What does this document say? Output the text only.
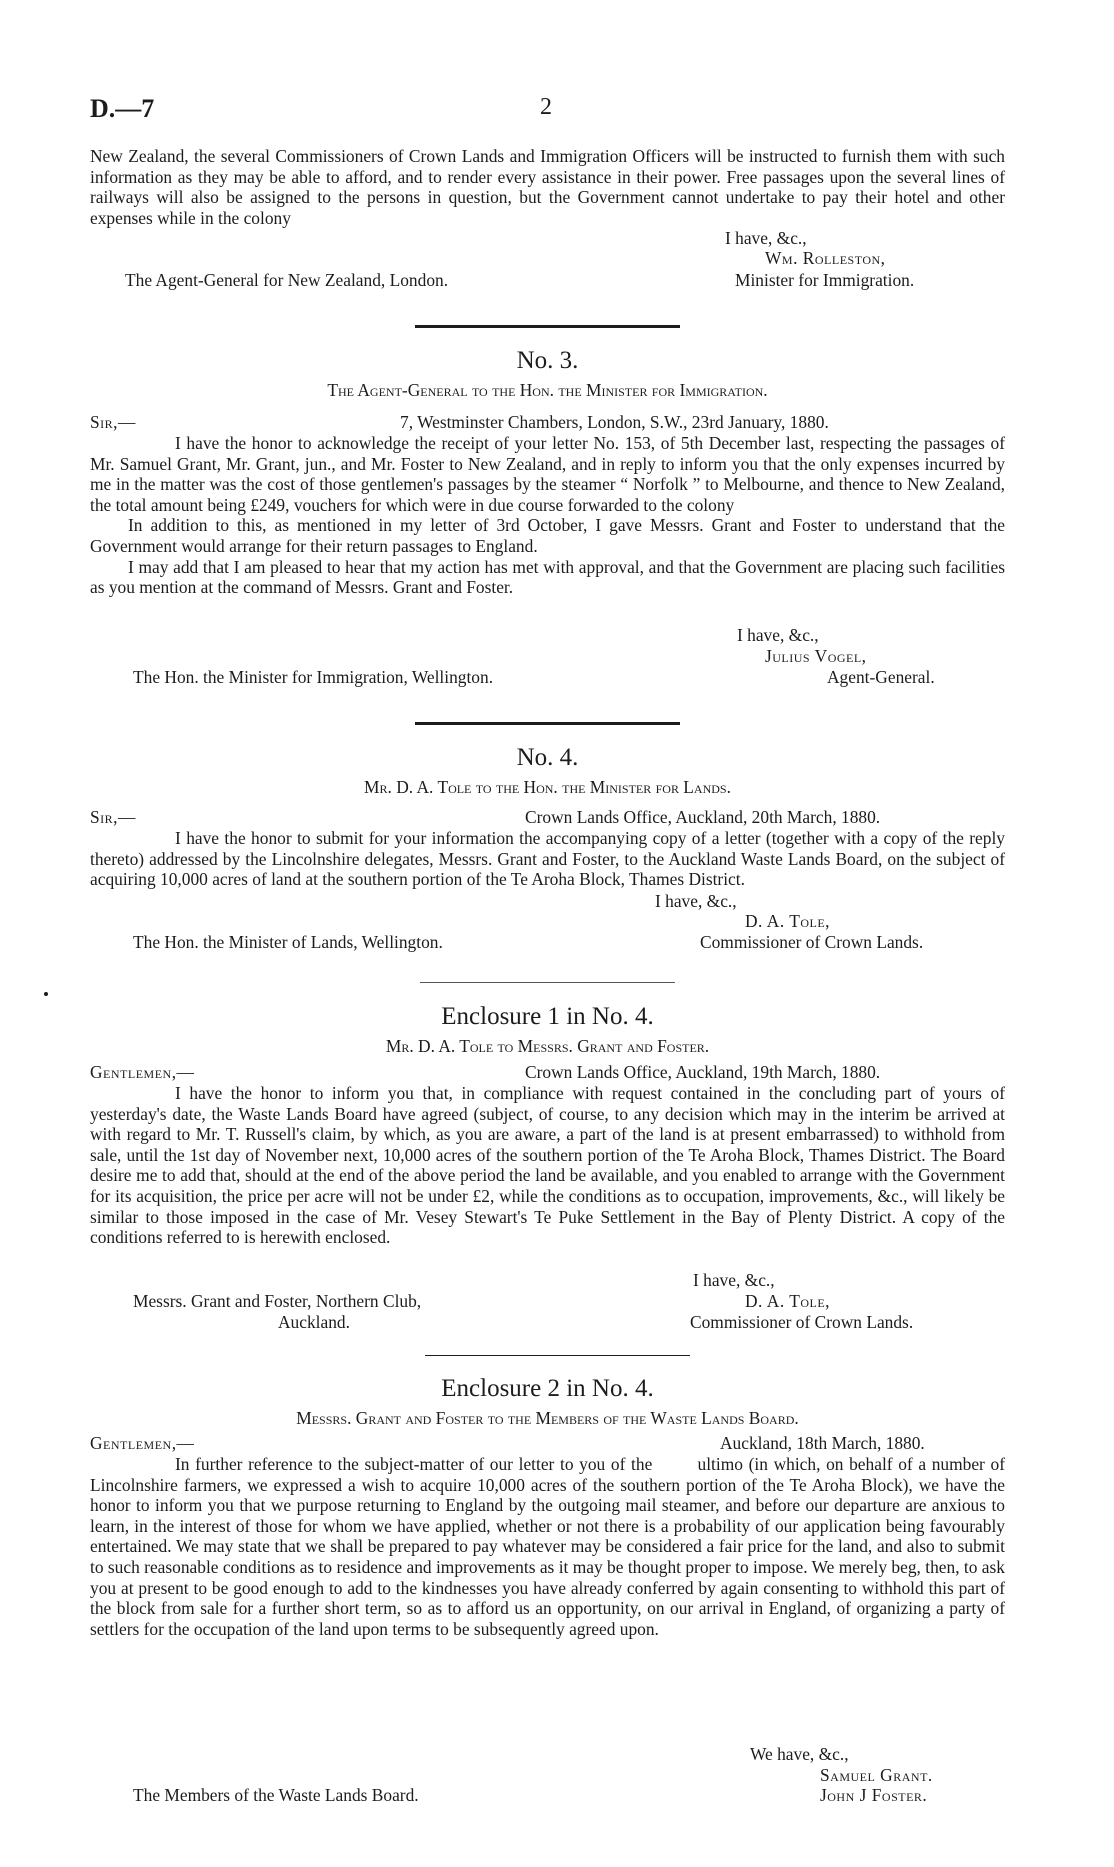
D.—7	2

New Zealand, the several Commissioners of Crown Lands and Immigration Officers will be instructed to furnish them with such information as they may be able to afford, and to render every assistance in their power. Free passages upon the several lines of railways will also be assigned to the persons in question, but the Government cannot undertake to pay their hotel and other expenses while in the colony

I have, &c.,
Wm. Rolleston,
The Agent-General for New Zealand, London.	Minister for Immigration.
No. 3.
The Agent-General to the Hon. the Minister for Immigration.
Sir,—	7, Westminster Chambers, London, S.W., 23rd January, 1880.

I have the honor to acknowledge the receipt of your letter No. 153, of 5th December last, respecting the passages of Mr. Samuel Grant, Mr. Grant, jun., and Mr. Foster to New Zealand, and in reply to inform you that the only expenses incurred by me in the matter was the cost of those gentlemen's passages by the steamer “ Norfolk ” to Melbourne, and thence to New Zealand, the total amount being £249, vouchers for which were in due course forwarded to the colony

In addition to this, as mentioned in my letter of 3rd October, I gave Messrs. Grant and Foster to understand that the Government would arrange for their return passages to England.

I may add that I am pleased to hear that my action has met with approval, and that the Government are placing such facilities as you mention at the command of Messrs. Grant and Foster.

I have, &c.,
Julius Vogel,
The Hon. the Minister for Immigration, Wellington.	Agent-General.
No. 4.
Mr. D. A. Tole to the Hon. the Minister for Lands.
Sir,—	Crown Lands Office, Auckland, 20th March, 1880.

I have the honor to submit for your information the accompanying copy of a letter (together with a copy of the reply thereto) addressed by the Lincolnshire delegates, Messrs. Grant and Foster, to the Auckland Waste Lands Board, on the subject of acquiring 10,000 acres of land at the southern portion of the Te Aroha Block, Thames District.

I have, &c.,
D. A. Tole,
The Hon. the Minister of Lands, Wellington.	Commissioner of Crown Lands.
Enclosure 1 in No. 4.
Mr. D. A. Tole to Messrs. Grant and Foster.
Gentlemen,—	Crown Lands Office, Auckland, 19th March, 1880.

I have the honor to inform you that, in compliance with request contained in the concluding part of yours of yesterday's date, the Waste Lands Board have agreed (subject, of course, to any decision which may in the interim be arrived at with regard to Mr. T. Russell's claim, by which, as you are aware, a part of the land is at present embarrassed) to withhold from sale, until the 1st day of November next, 10,000 acres of the southern portion of the Te Aroha Block, Thames District. The Board desire me to add that, should at the end of the above period the land be available, and you enabled to arrange with the Government for its acquisition, the price per acre will not be under £2, while the conditions as to occupation, improvements, &c., will likely be similar to those imposed in the case of Mr. Vesey Stewart's Te Puke Settlement in the Bay of Plenty District. A copy of the conditions referred to is herewith enclosed.

I have, &c.,
Messrs. Grant and Foster, Northern Club,	D. A. Tole,
Auckland.	Commissioner of Crown Lands.
Enclosure 2 in No. 4.
Messrs. Grant and Foster to the Members of the Waste Lands Board.
Gentlemen,—	Auckland, 18th March, 1880.

In further reference to the subject-matter of our letter to you of the        ultimo (in which, on behalf of a number of Lincolnshire farmers, we expressed a wish to acquire 10,000 acres of the southern portion of the Te Aroha Block), we have the honor to inform you that we purpose returning to England by the outgoing mail steamer, and before our departure are anxious to learn, in the interest of those for whom we have applied, whether or not there is a probability of our application being favourably entertained. We may state that we shall be prepared to pay whatever may be considered a fair price for the land, and also to submit to such reasonable conditions as to residence and improvements as it may be thought proper to impose. We merely beg, then, to ask you at present to be good enough to add to the kindnesses you have already conferred by again consenting to withhold this part of the block from sale for a further short term, so as to afford us an opportunity, on our arrival in England, of organizing a party of settlers for the occupation of the land upon terms to be subsequently agreed upon.

We have, &c.,
Samuel Grant.
The Members of the Waste Lands Board.	John J Foster.
